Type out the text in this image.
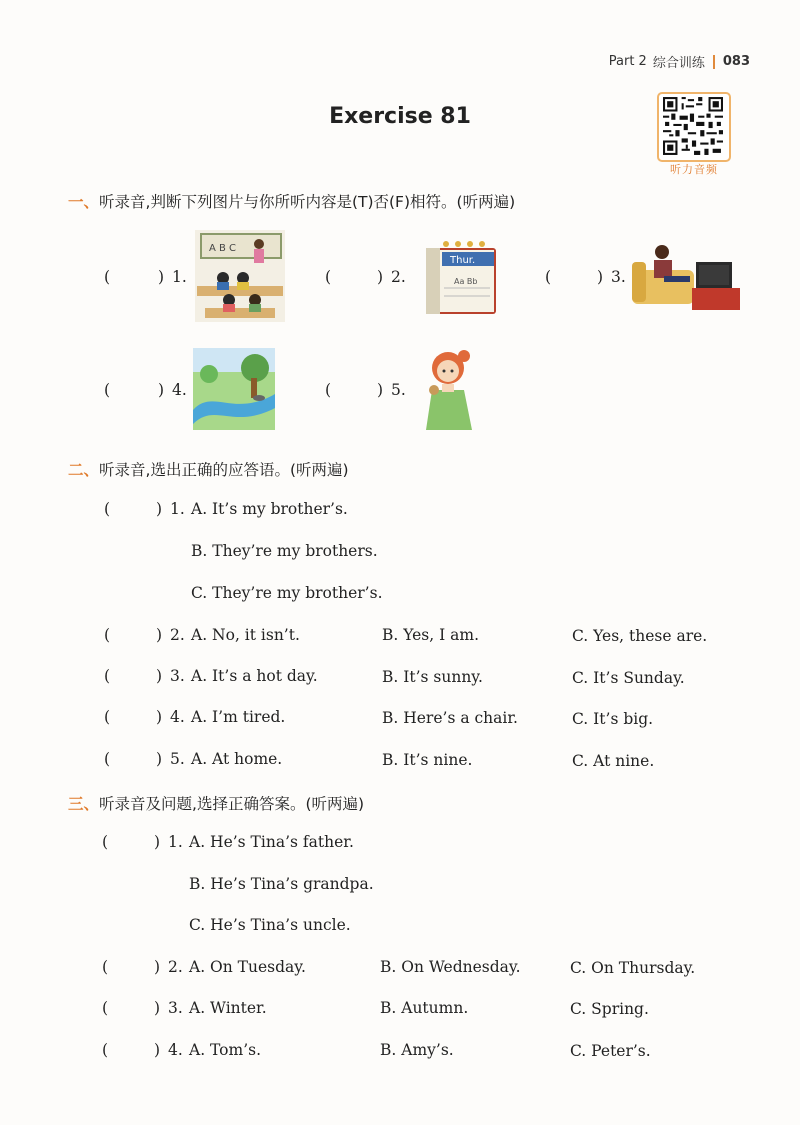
Part 2 综合训练 083
Exercise 81
听力音频
一、听录音,判断下列图片与你所听内容是(T)否(F)相符。(听两遍)
(	) 1.
A B C
(	) 2.
Thur.
Aa Bb	(	) 3.
(	) 4.	(	) 5.
二、听录音,选出正确的应答语。(听两遍)
(	) 1. A. It’s my brother’s.
B. They’re my brothers.
C. They’re my brother’s.
(	) 2. A. No, it isn’t.	B. Yes, I am.	C. Yes, these are.
(	) 3. A. It’s a hot day.	B. It’s sunny.	C. It’s Sunday.
(	) 4. A. I’m tired.	B. Here’s a chair.	C. It’s big.
(	) 5. A. At home.	B. It’s nine.	C. At nine.
三、听录音及问题,选择正确答案。(听两遍)
(	) 1. A. He’s Tina’s father.
B. He’s Tina’s grandpa.
C. He’s Tina’s uncle.
(	) 2. A. On Tuesday.	B. On Wednesday.	C. On Thursday.
(	) 3. A. Winter.	B. Autumn.	C. Spring.
(	) 4. A. Tom’s.	B. Amy’s.	C. Peter’s.
